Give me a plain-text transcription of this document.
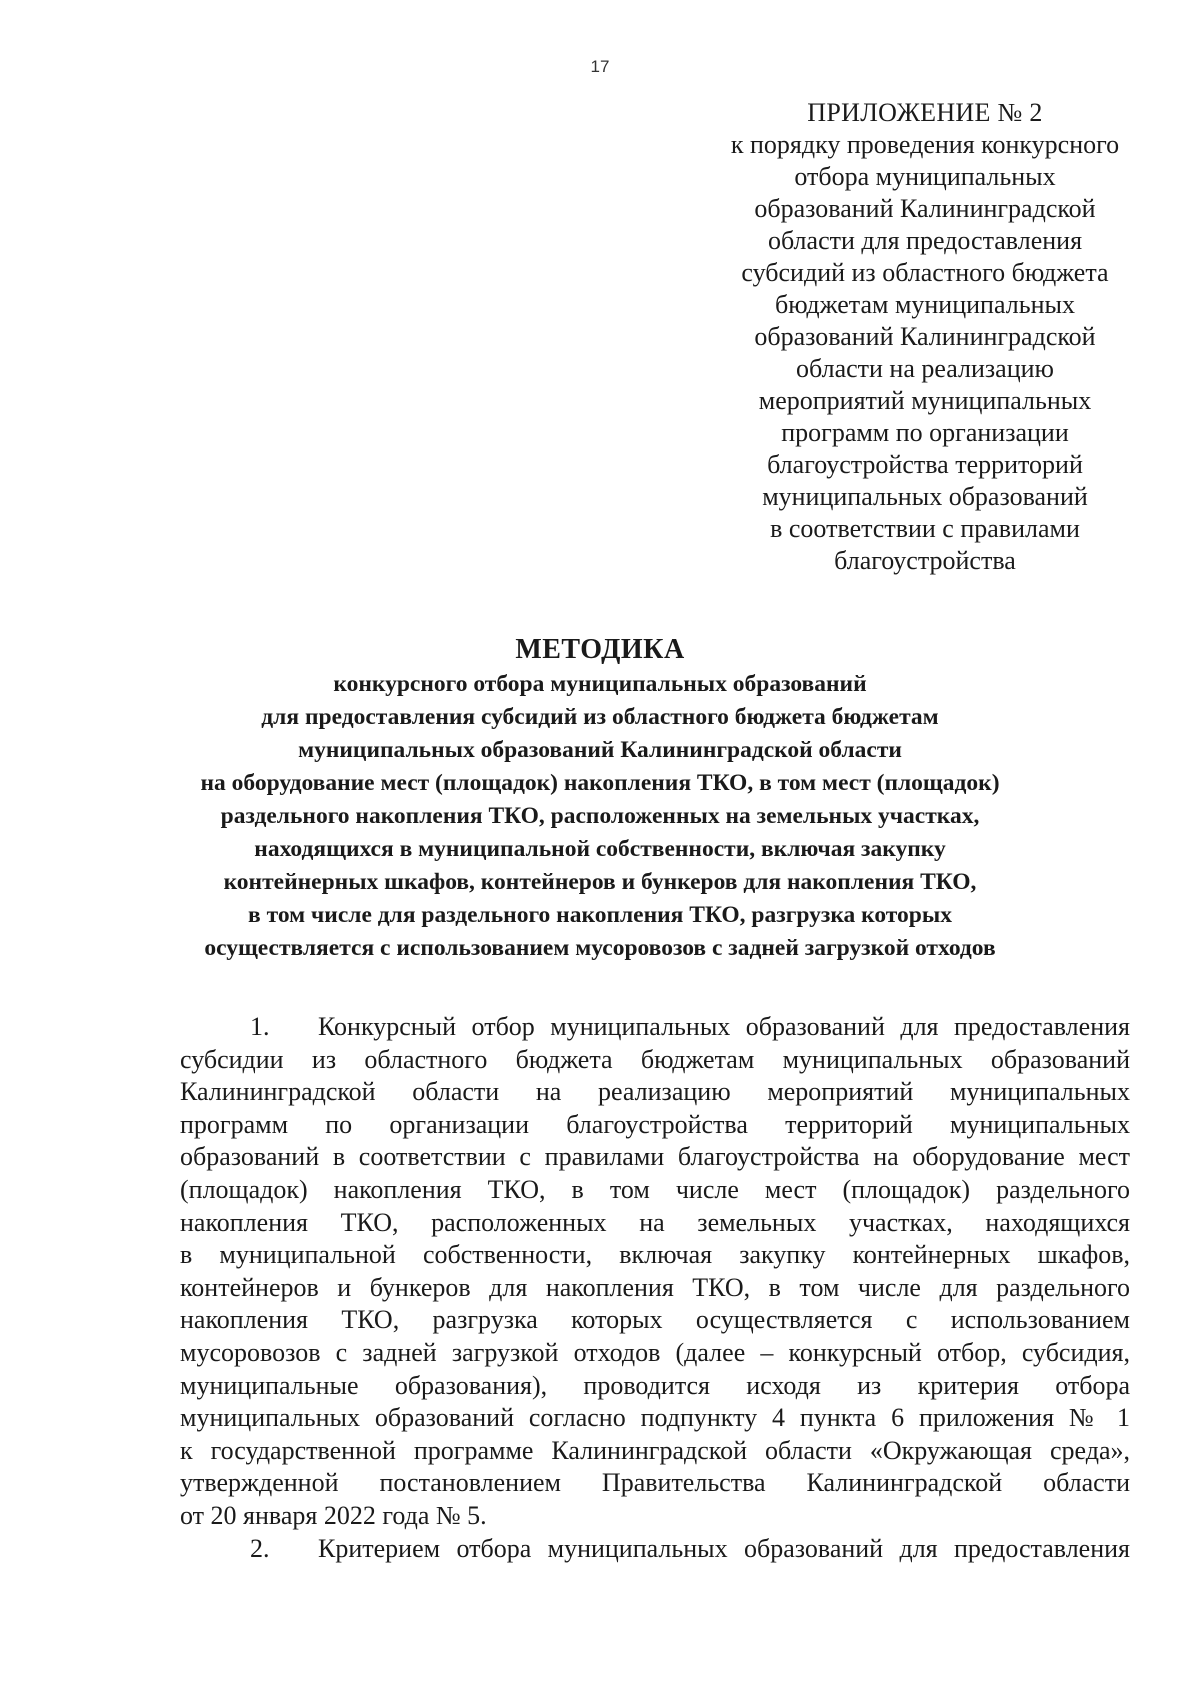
17
ПРИЛОЖЕНИЕ № 2
к порядку проведения конкурсного
отбора муниципальных
образований Калининградской
области для предоставления
субсидий из областного бюджета
бюджетам муниципальных
образований Калининградской
области на реализацию
мероприятий муниципальных
программ по организации
благоустройства территорий
муниципальных образований
в соответствии с правилами
благоустройства
МЕТОДИКА
конкурсного отбора муниципальных образований
для предоставления субсидий из областного бюджета бюджетам
муниципальных образований Калининградской области
на оборудование мест (площадок) накопления ТКО, в том мест (площадок)
раздельного накопления ТКО, расположенных на земельных участках,
находящихся в муниципальной собственности, включая закупку
контейнерных шкафов, контейнеров и бункеров для накопления ТКО,
в том числе для раздельного накопления ТКО, разгрузка которых
осуществляется с использованием мусоровозов с задней загрузкой отходов
1.	Конкурсный отбор муниципальных образований для предоставления
субсидии из областного бюджета бюджетам муниципальных образований
Калининградской области на реализацию мероприятий муниципальных
программ по организации благоустройства территорий муниципальных
образований в соответствии с правилами благоустройства на оборудование мест
(площадок) накопления ТКО, в том числе мест (площадок) раздельного
накопления ТКО, расположенных на земельных участках, находящихся
в муниципальной собственности, включая закупку контейнерных шкафов,
контейнеров и бункеров для накопления ТКО, в том числе для раздельного
накопления ТКО, разгрузка которых осуществляется с использованием
мусоровозов с задней загрузкой отходов (далее – конкурсный отбор, субсидия,
муниципальные образования), проводится исходя из критерия отбора
муниципальных образований согласно подпункту 4 пункта 6 приложения № 1
к государственной программе Калининградской области «Окружающая среда»,
утвержденной постановлением Правительства Калининградской области
от 20 января 2022 года № 5.
2.	Критерием отбора муниципальных образований для предоставления
